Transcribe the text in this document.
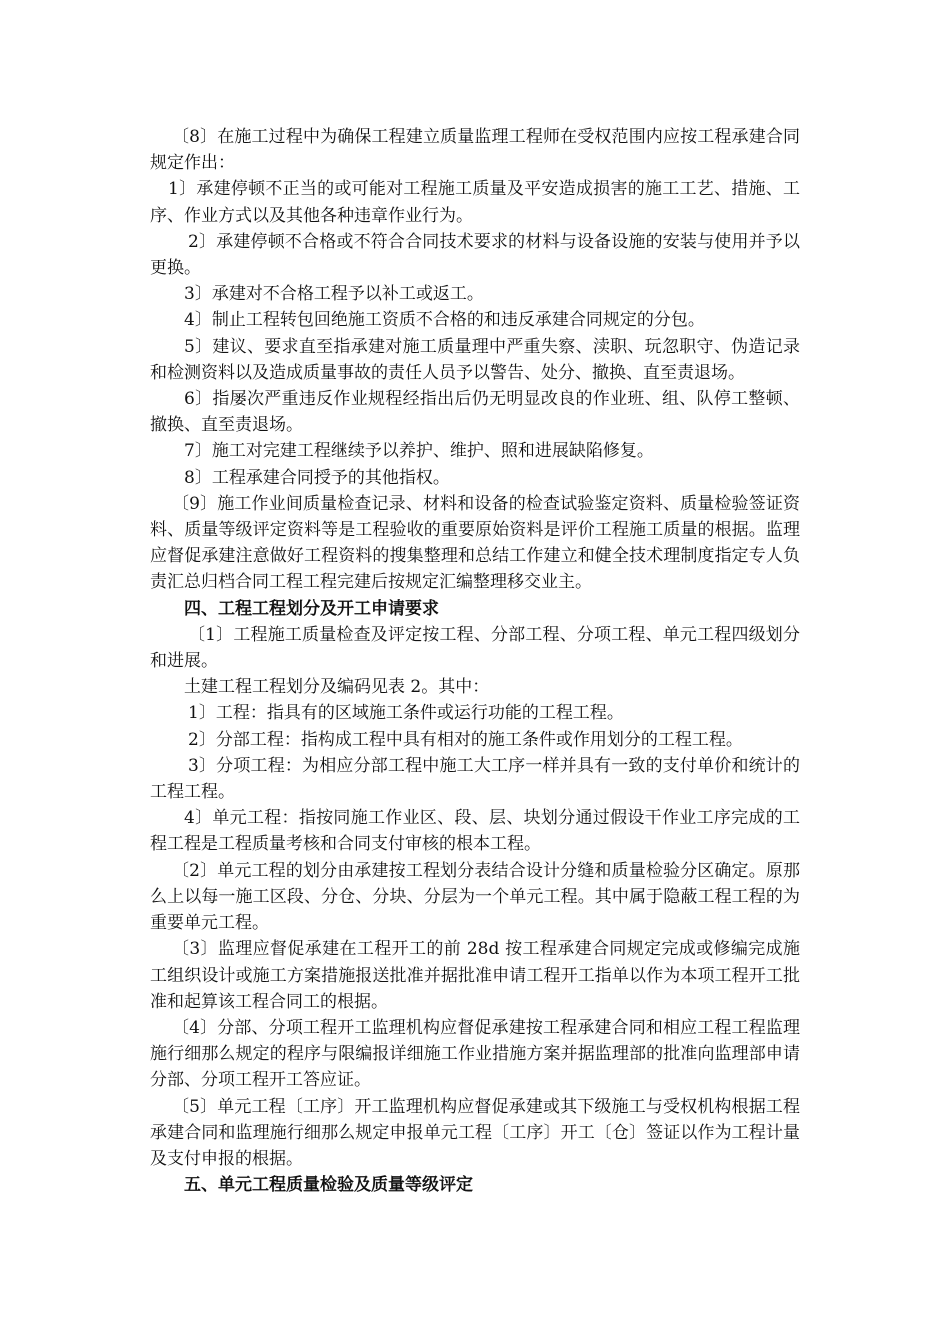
〔8〕在施工过程中为确保工程建立质量监理工程师在受权范围内应按工程承建合同规定作出：

1〕承建停顿不正当的或可能对工程施工质量及平安造成损害的施工工艺、措施、工序、作业方式以及其他各种违章作业行为。

2〕承建停顿不合格或不符合合同技术要求的材料与设备设施的安装与使用并予以更换。

3〕承建对不合格工程予以补工或返工。

4〕制止工程转包回绝施工资质不合格的和违反承建合同规定的分包。

5〕建议、要求直至指承建对施工质量理中严重失察、渎职、玩忽职守、伪造记录和检测资料以及造成质量事故的责任人员予以警告、处分、撤换、直至责退场。

6〕指屡次严重违反作业规程经指出后仍无明显改良的作业班、组、队停工整顿、撤换、直至责退场。

7〕施工对完建工程继续予以养护、维护、照和进展缺陷修复。

8〕工程承建合同授予的其他指权。

〔9〕施工作业间质量检查记录、材料和设备的检查试验鉴定资料、质量检验签证资料、质量等级评定资料等是工程验收的重要原始资料是评价工程施工质量的根据。监理应督促承建注意做好工程资料的搜集整理和总结工作建立和健全技术理制度指定专人负责汇总归档合同工程工程完建后按规定汇编整理移交业主。

四、工程工程划分及开工申请要求

〔1〕工程施工质量检查及评定按工程、分部工程、分项工程、单元工程四级划分和进展。

土建工程工程划分及编码见表 2。其中：

1〕工程：指具有的区域施工条件或运行功能的工程工程。

2〕分部工程：指构成工程中具有相对的施工条件或作用划分的工程工程。

3〕分项工程：为相应分部工程中施工大工序一样并具有一致的支付单价和统计的工程工程。

4〕单元工程：指按同施工作业区、段、层、块划分通过假设干作业工序完成的工程工程是工程质量考核和合同支付审核的根本工程。

〔2〕单元工程的划分由承建按工程划分表结合设计分缝和质量检验分区确定。原那么上以每一施工区段、分仓、分块、分层为一个单元工程。其中属于隐蔽工程工程的为重要单元工程。

〔3〕监理应督促承建在工程开工的前 28d 按工程承建合同规定完成或修编完成施工组织设计或施工方案措施报送批准并据批准申请工程开工指单以作为本项工程开工批准和起算该工程合同工的根据。

〔4〕分部、分项工程开工监理机构应督促承建按工程承建合同和相应工程工程监理施行细那么规定的程序与限编报详细施工作业措施方案并据监理部的批准向监理部申请分部、分项工程开工答应证。

〔5〕单元工程〔工序〕开工监理机构应督促承建或其下级施工与受权机构根据工程承建合同和监理施行细那么规定申报单元工程〔工序〕开工〔仓〕签证以作为工程计量及支付申报的根据。

五、单元工程质量检验及质量等级评定
